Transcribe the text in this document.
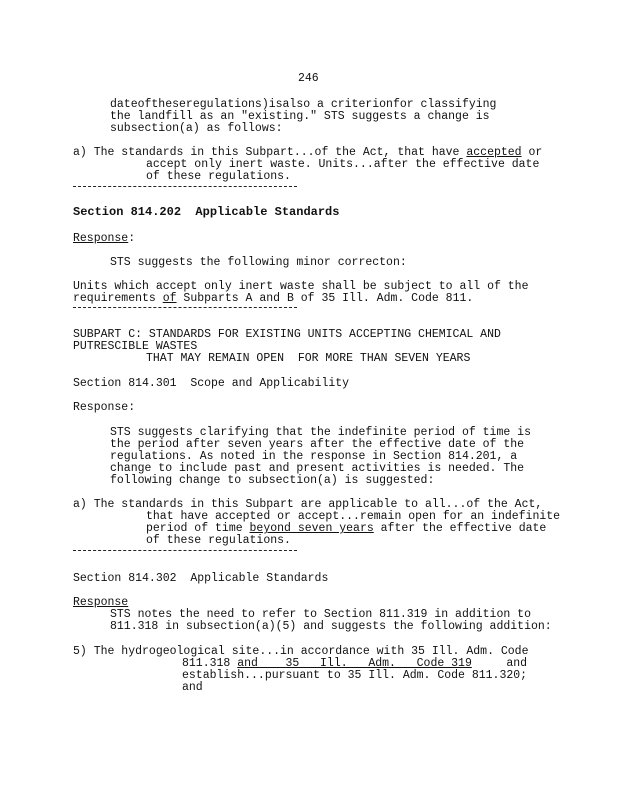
246
dateoftheseregulations)isalso a criterionfor classifying
the landfill as an "existing." STS suggests a change is
subsection(a) as follows:
a) The standards in this Subpart...of the Act, that have accepted or
accept only inert waste. Units...after the effective date
of these regulations.
Section 814.202  Applicable Standards
Response:
STS suggests the following minor correcton:
Units which accept only inert waste shall be subject to all of the
requirements of Subparts A and B of 35 Ill. Adm. Code 811.
SUBPART C: STANDARDS FOR EXISTING UNITS ACCEPTING CHEMICAL AND
PUTRESCIBLE WASTES
THAT MAY REMAIN OPEN  FOR MORE THAN SEVEN YEARS
Section 814.301  Scope and Applicability
Response:
STS suggests clarifying that the indefinite period of time is
the period after seven years after the effective date of the
regulations. As noted in the response in Section 814.201, a
change to include past and present activities is needed. The
following change to subsection(a) is suggested:
a) The standards in this Subpart are applicable to all...of the Act,
that have accepted or accept...remain open for an indefinite
period of time beyond seven years after the effective date
of these regulations.
Section 814.302  Applicable Standards
Response
STS notes the need to refer to Section 811.319 in addition to
811.318 in subsection(a)(5) and suggests the following addition:
5) The hydrogeological site...in accordance with 35 Ill. Adm. Code
811.318 and    35   Ill.   Adm.   Code 319     and
establish...pursuant to 35 Ill. Adm. Code 811.320;
and
